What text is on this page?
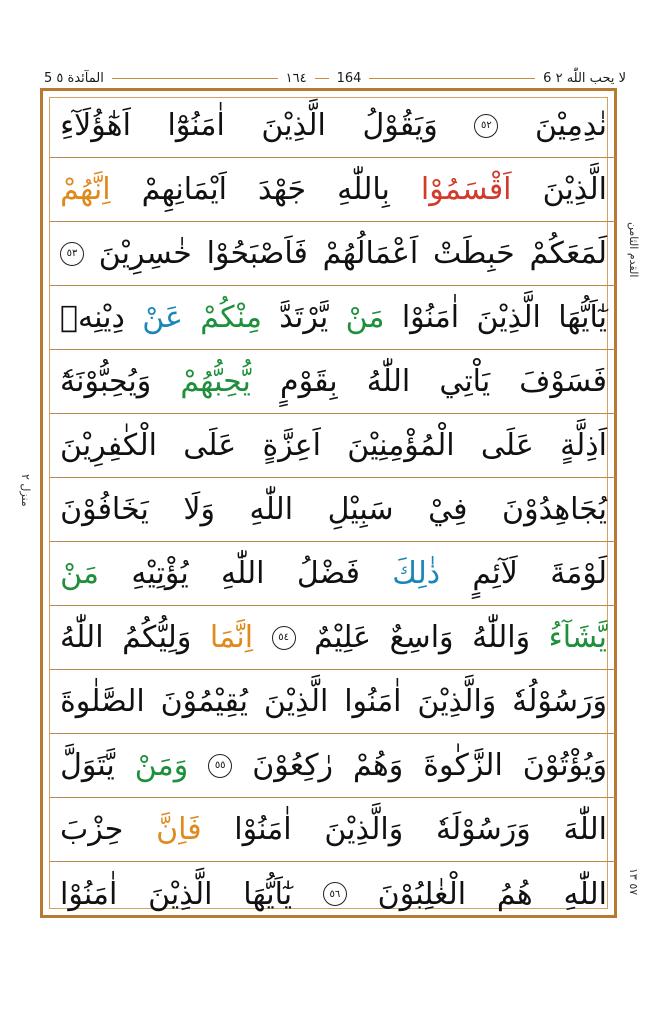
5 المآئدة ٥	١٦٤	164	6 لا يحب اللّٰه ٢
نٰدِمِيْنَ
٥٢
وَيَقُوْلُ
الَّذِيْنَ
اٰمَنُوْٓا
اَهٰٓؤُلَآءِ
الَّذِيْنَ
اَقْسَمُوْا
بِاللّٰهِ
جَهْدَ
اَيْمَانِهِمْ
اِنَّهُمْ
لَمَعَكُمْ
حَبِطَتْ
اَعْمَالُهُمْ
فَاَصْبَحُوْا
خٰسِرِيْنَ
٥٣
يٰٓاَيُّهَا
الَّذِيْنَ
اٰمَنُوْا
مَنْ
يَّرْتَدَّ
مِنْكُمْ
عَنْ
دِيْنِهٖ
فَسَوْفَ
يَاْتِي
اللّٰهُ
بِقَوْمٍ
يُّحِبُّهُمْ
وَيُحِبُّوْنَهٗٓ
اَذِلَّةٍ
عَلَى
الْمُؤْمِنِيْنَ
اَعِزَّةٍ
عَلَى
الْكٰفِرِيْنَ
يُجَاهِدُوْنَ
فِيْ
سَبِيْلِ
اللّٰهِ
وَلَا
يَخَافُوْنَ
لَوْمَةَ
لَآئِمٍ
ذٰلِكَ
فَضْلُ
اللّٰهِ
يُؤْتِيْهِ
مَنْ
يَّشَآءُ
وَاللّٰهُ
وَاسِعٌ
عَلِيْمٌ
٥٤
اِنَّمَا
وَلِيُّكُمُ
اللّٰهُ
وَرَسُوْلُهٗ
وَالَّذِيْنَ
اٰمَنُوا
الَّذِيْنَ
يُقِيْمُوْنَ
الصَّلٰوةَ
وَيُؤْتُوْنَ
الزَّكٰوةَ
وَهُمْ
رٰكِعُوْنَ
٥٥
وَمَنْ
يَّتَوَلَّ
اللّٰهَ
وَرَسُوْلَهٗ
وَالَّذِيْنَ
اٰمَنُوْا
فَاِنَّ
حِزْبَ
اللّٰهِ
هُمُ
الْغٰلِبُوْنَ
٥٦
يٰٓاَيُّهَا
الَّذِيْنَ
اٰمَنُوْا
القدم الثامن
٥٧ ١٣
منزل ٢
